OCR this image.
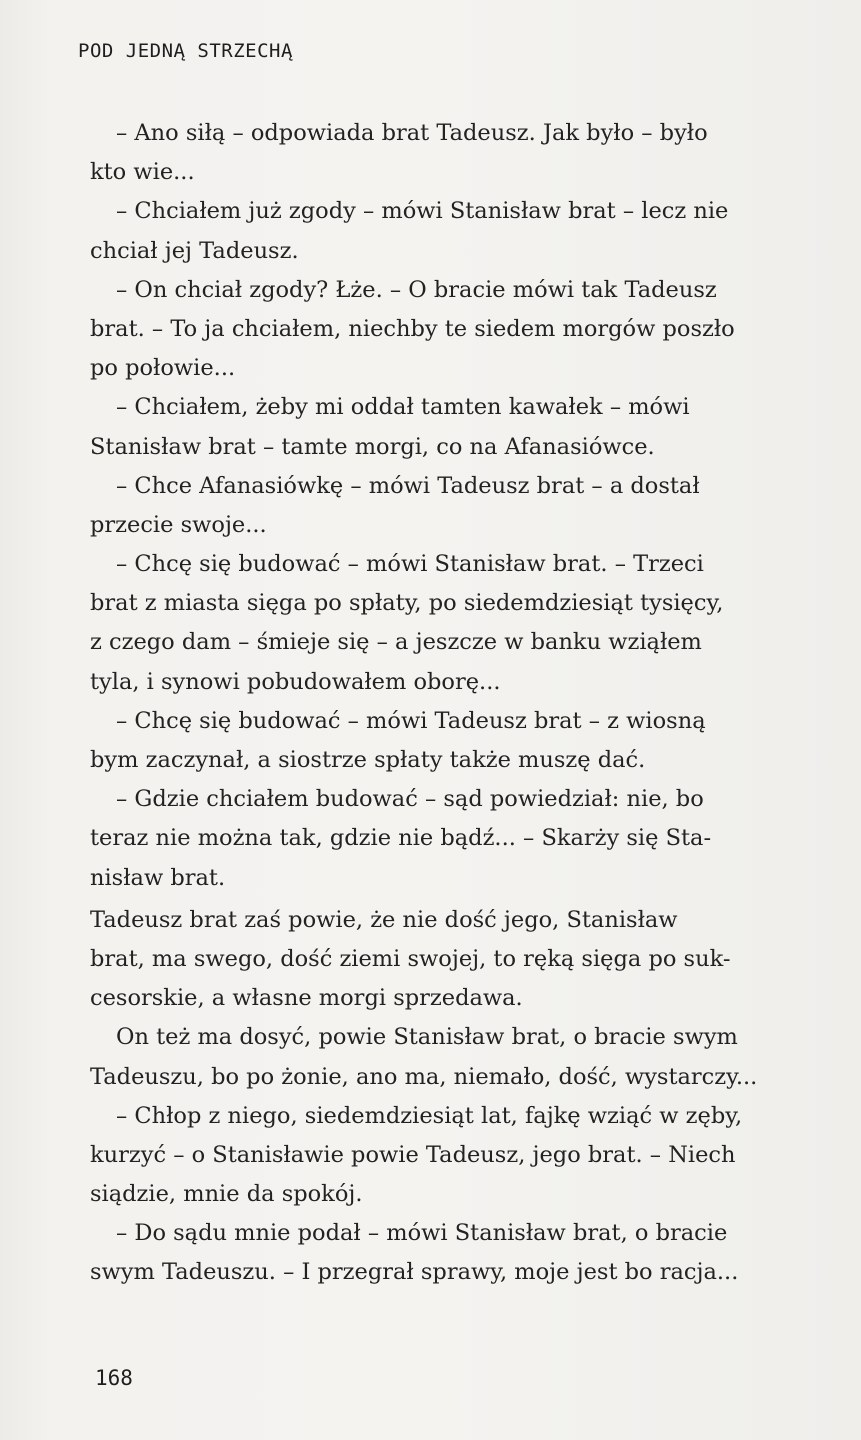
POD JEDNĄ STRZECHĄ
– Ano siłą – odpowiada brat Tadeusz. Jak było – było
kto wie...
– Chciałem już zgody – mówi Stanisław brat – lecz nie
chciał jej Tadeusz.
– On chciał zgody? Łże. – O bracie mówi tak Tadeusz
brat. – To ja chciałem, niechby te siedem morgów poszło
po połowie...
– Chciałem, żeby mi oddał tamten kawałek – mówi
Stanisław brat – tamte morgi, co na Afanasiówce.
– Chce Afanasiówkę – mówi Tadeusz brat – a dostał
przecie swoje...
– Chcę się budować – mówi Stanisław brat. – Trzeci
brat z miasta sięga po spłaty, po siedemdziesiąt tysięcy,
z czego dam – śmieje się – a jeszcze w banku wziąłem
tyla, i synowi pobudowałem oborę...
– Chcę się budować – mówi Tadeusz brat – z wiosną
bym zaczynał, a siostrze spłaty także muszę dać.
– Gdzie chciałem budować – sąd powiedział: nie, bo
teraz nie można tak, gdzie nie bądź... – Skarży się Sta-
nisław brat.
Tadeusz brat zaś powie, że nie dość jego, Stanisław
brat, ma swego, dość ziemi swojej, to ręką sięga po suk-
cesorskie, a własne morgi sprzedawa.
On też ma dosyć, powie Stanisław brat, o bracie swym
Tadeuszu, bo po żonie, ano ma, niemało, dość, wystarczy...
– Chłop z niego, siedemdziesiąt lat, fajkę wziąć w zęby,
kurzyć – o Stanisławie powie Tadeusz, jego brat. – Niech
siądzie, mnie da spokój.
– Do sądu mnie podał – mówi Stanisław brat, o bracie
swym Tadeuszu. – I przegrał sprawy, moje jest bo racja...
168
